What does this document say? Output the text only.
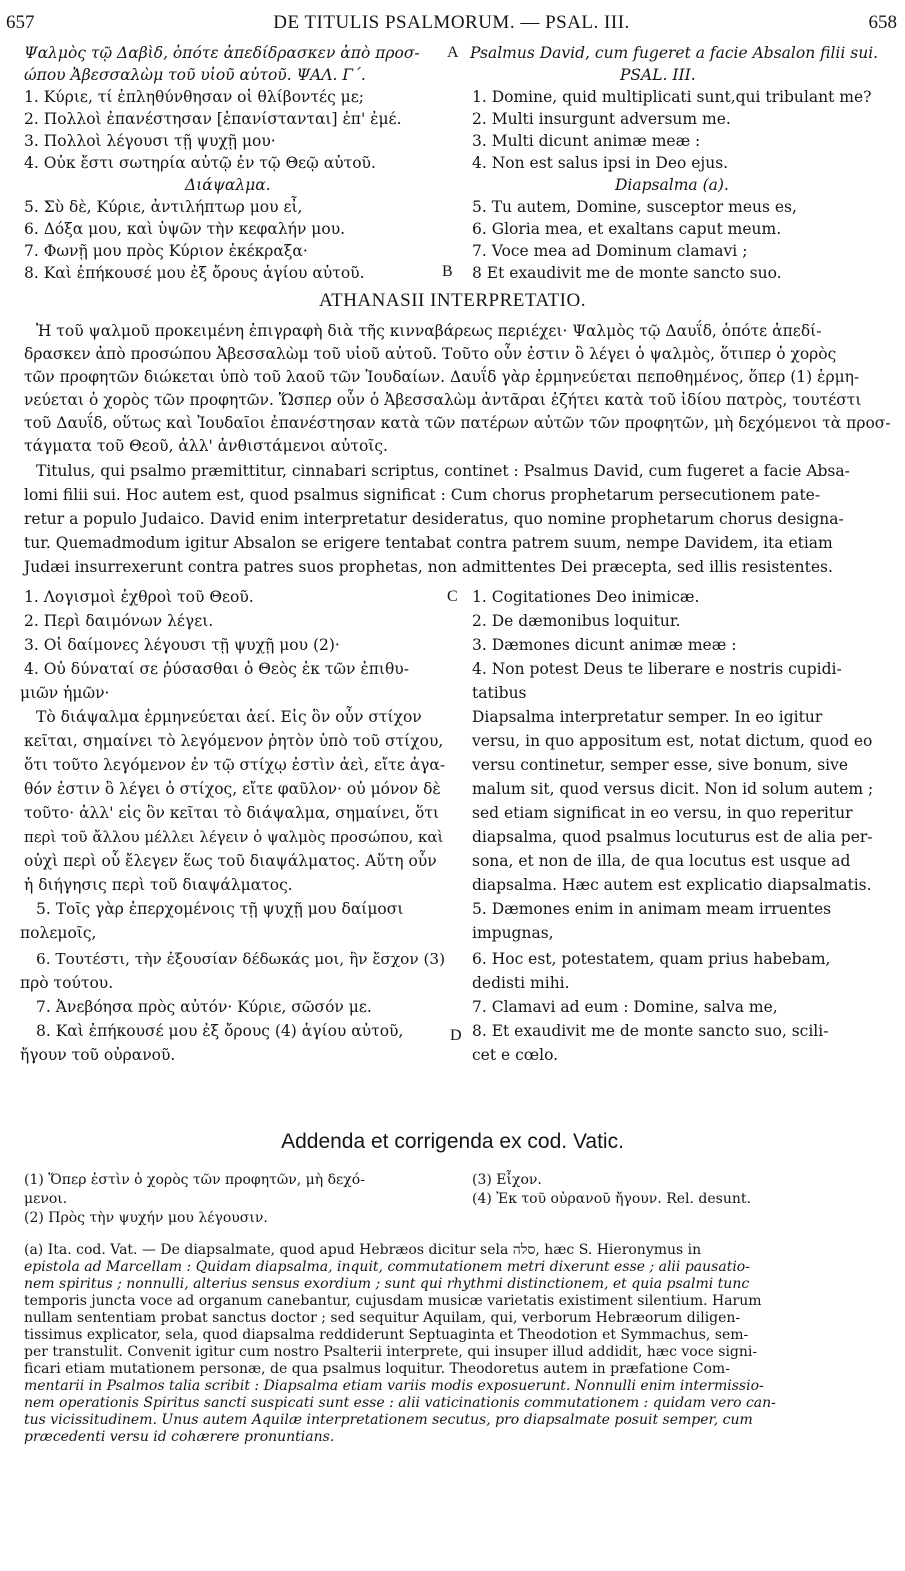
657	DE TITULIS PSALMORUM. — PSAL. III.	658
Ψαλμὸς τῷ Δαβὶδ, ὁπότε ἀπεδίδρασκεν ἀπὸ προσ-
ώπου Ἀβεσσαλὼμ τοῦ υἱοῦ αὐτοῦ. ΨΑΛ. Γ΄.
1. Κύριε, τί ἐπληθύνθησαν οἱ θλίβοντές με;
2. Πολλοὶ ἐπανέστησαν [ἐπανίστανται] ἐπ' ἐμέ.
3. Πολλοὶ λέγουσι τῇ ψυχῇ μου·
4. Οὐκ ἔστι σωτηρία αὐτῷ ἐν τῷ Θεῷ αὐτοῦ.
Διάψαλμα.
5. Σὺ δὲ, Κύριε, ἀντιλήπτωρ μου εἶ,
6. Δόξα μου, καὶ ὑψῶν τὴν κεφαλήν μου.
7. Φωνῇ μου πρὸς Κύριον ἐκέκραξα·
8. Καὶ ἐπήκουσέ μου ἐξ ὄρους ἁγίου αὐτοῦ.
Psalmus David, cum fugeret a facie Absalon filii sui.
PSAL. III.
1. Domine, quid multiplicati sunt,qui tribulant me?
2. Multi insurgunt adversum me.
3. Multi dicunt animæ meæ :
4. Non est salus ipsi in Deo ejus.
Diapsalma (a).
5. Tu autem, Domine, susceptor meus es,
6. Gloria mea, et exaltans caput meum.
7. Voce mea ad Dominum clamavi ;
8 Et exaudivit me de monte sancto suo.
A
B
ATHANASII INTERPRETATIO.
Ἡ τοῦ ψαλμοῦ προκειμένη ἐπιγραφὴ διὰ τῆς κινναβάρεως περιέχει· Ψαλμὸς τῷ Δαυΐδ, ὁπότε ἀπεδί-
δρασκεν ἀπὸ προσώπου Ἀβεσσαλὼμ τοῦ υἱοῦ αὐτοῦ. Τοῦτο οὖν ἐστιν ὃ λέγει ὁ ψαλμὸς, ὅτιπερ ὁ χορὸς
τῶν προφητῶν διώκεται ὑπὸ τοῦ λαοῦ τῶν Ἰουδαίων. Δαυΐδ γὰρ ἑρμηνεύεται πεποθημένος, ὅπερ (1) ἑρμη-
νεύεται ὁ χορὸς τῶν προφητῶν. Ὥσπερ οὖν ὁ Ἀβεσσαλὼμ ἀντᾶραι ἐζήτει κατὰ τοῦ ἰδίου πατρὸς, τουτέστι
τοῦ Δαυΐδ, οὕτως καὶ Ἰουδαῖοι ἐπανέστησαν κατὰ τῶν πατέρων αὐτῶν τῶν προφητῶν, μὴ δεχόμενοι τὰ προσ-
τάγματα τοῦ Θεοῦ, ἀλλ' ἀνθιστάμενοι αὐτοῖς.
Titulus, qui psalmo præmittitur, cinnabari scriptus, continet : Psalmus David, cum fugeret a facie Absa-
lomi filii sui. Hoc autem est, quod psalmus significat : Cum chorus prophetarum persecutionem pate-
retur a populo Judaico. David enim interpretatur desideratus, quo nomine prophetarum chorus designa-
tur. Quemadmodum igitur Absalon se erigere tentabat contra patrem suum, nempe Davidem, ita etiam
Judæi insurrexerunt contra patres suos prophetas, non admittentes Dei præcepta, sed illis resistentes.
C
D
1. Λογισμοὶ ἐχθροὶ τοῦ Θεοῦ.
2. Περὶ δαιμόνων λέγει.
3. Οἱ δαίμονες λέγουσι τῇ ψυχῇ μου (2)·
4. Οὐ δύναταί σε ῥύσασθαι ὁ Θεὸς ἐκ τῶν ἐπιθυ-
μιῶν ἡμῶν·
Τὸ διάψαλμα ἑρμηνεύεται ἀεί. Εἰς ὃν οὖν στίχον
κεῖται, σημαίνει τὸ λεγόμενον ῥητὸν ὑπὸ τοῦ στίχου,
ὅτι τοῦτο λεγόμενον ἐν τῷ στίχῳ ἐστὶν ἀεὶ, εἴτε ἀγα-
θόν ἐστιν ὃ λέγει ὁ στίχος, εἴτε φαῦλον· οὐ μόνον δὲ
τοῦτο· ἀλλ' εἰς ὃν κεῖται τὸ διάψαλμα, σημαίνει, ὅτι
περὶ τοῦ ἄλλου μέλλει λέγειν ὁ ψαλμὸς προσώπου, καὶ
οὐχὶ περὶ οὗ ἔλεγεν ἕως τοῦ διαψάλματος. Αὕτη οὖν
ἡ διήγησις περὶ τοῦ διαψάλματος.
5. Τοῖς γὰρ ἐπερχομένοις τῇ ψυχῇ μου δαίμοσι
πολεμοῖς,
6. Τουτέστι, τὴν ἐξουσίαν δέδωκάς μοι, ἣν ἔσχον (3)
πρὸ τούτου.
7. Ἀνεβόησα πρὸς αὐτόν· Κύριε, σῶσόν με.
8. Καὶ ἐπήκουσέ μου ἐξ ὄρους (4) ἁγίου αὐτοῦ,
ἤγουν τοῦ οὐρανοῦ.
1. Cogitationes Deo inimicæ.
2. De dæmonibus loquitur.
3. Dæmones dicunt animæ meæ :
4. Non potest Deus te liberare e nostris cupidi-
tatibus
Diapsalma interpretatur semper. In eo igitur
versu, in quo appositum est, notat dictum, quod eo
versu continetur, semper esse, sive bonum, sive
malum sit, quod versus dicit. Non id solum autem ;
sed etiam significat in eo versu, in quo reperitur
diapsalma, quod psalmus locuturus est de alia per-
sona, et non de illa, de qua locutus est usque ad
diapsalma. Hæc autem est explicatio diapsalmatis.
5. Dæmones enim in animam meam irruentes
impugnas,
6. Hoc est, potestatem, quam prius habebam,
dedisti mihi.
7. Clamavi ad eum : Domine, salva me,
8. Et exaudivit me de monte sancto suo, scili-
cet e cœlo.
Addenda et corrigenda ex cod. Vatic.
(1) Ὅπερ ἐστὶν ὁ χορὸς τῶν προφητῶν, μὴ δεχό-
μενοι.
(2) Πρὸς τὴν ψυχήν μου λέγουσιν.
(3) Εἶχον.
(4) Ἐκ τοῦ οὐρανοῦ ἤγουν. Rel. desunt.
(a) Ita. cod. Vat. — De diapsalmate, quod apud Hebræos dicitur sela סלה, hæc S. Hieronymus in
epistola ad Marcellam : Quidam diapsalma, inquit, commutationem metri dixerunt esse ; alii pausatio-
nem spiritus ; nonnulli, alterius sensus exordium ; sunt qui rhythmi distinctionem, et quia psalmi tunc
temporis juncta voce ad organum canebantur, cujusdam musicæ varietatis existiment silentium. Harum
nullam sententiam probat sanctus doctor ; sed sequitur Aquilam, qui, verborum Hebræorum diligen-
tissimus explicator, sela, quod diapsalma reddiderunt Septuaginta et Theodotion et Symmachus, sem-
per transtulit. Convenit igitur cum nostro Psalterii interprete, qui insuper illud addidit, hæc voce signi-
ficari etiam mutationem personæ, de qua psalmus loquitur. Theodoretus autem in præfatione Com-
mentarii in Psalmos talia scribit : Diapsalma etiam variis modis exposuerunt. Nonnulli enim intermissio-
nem operationis Spiritus sancti suspicati sunt esse : alii vaticinationis commutationem : quidam vero can-
tus vicissitudinem. Unus autem Aquilæ interpretationem secutus, pro diapsalmate posuit semper, cum
præcedenti versu id cohærere pronuntians.
